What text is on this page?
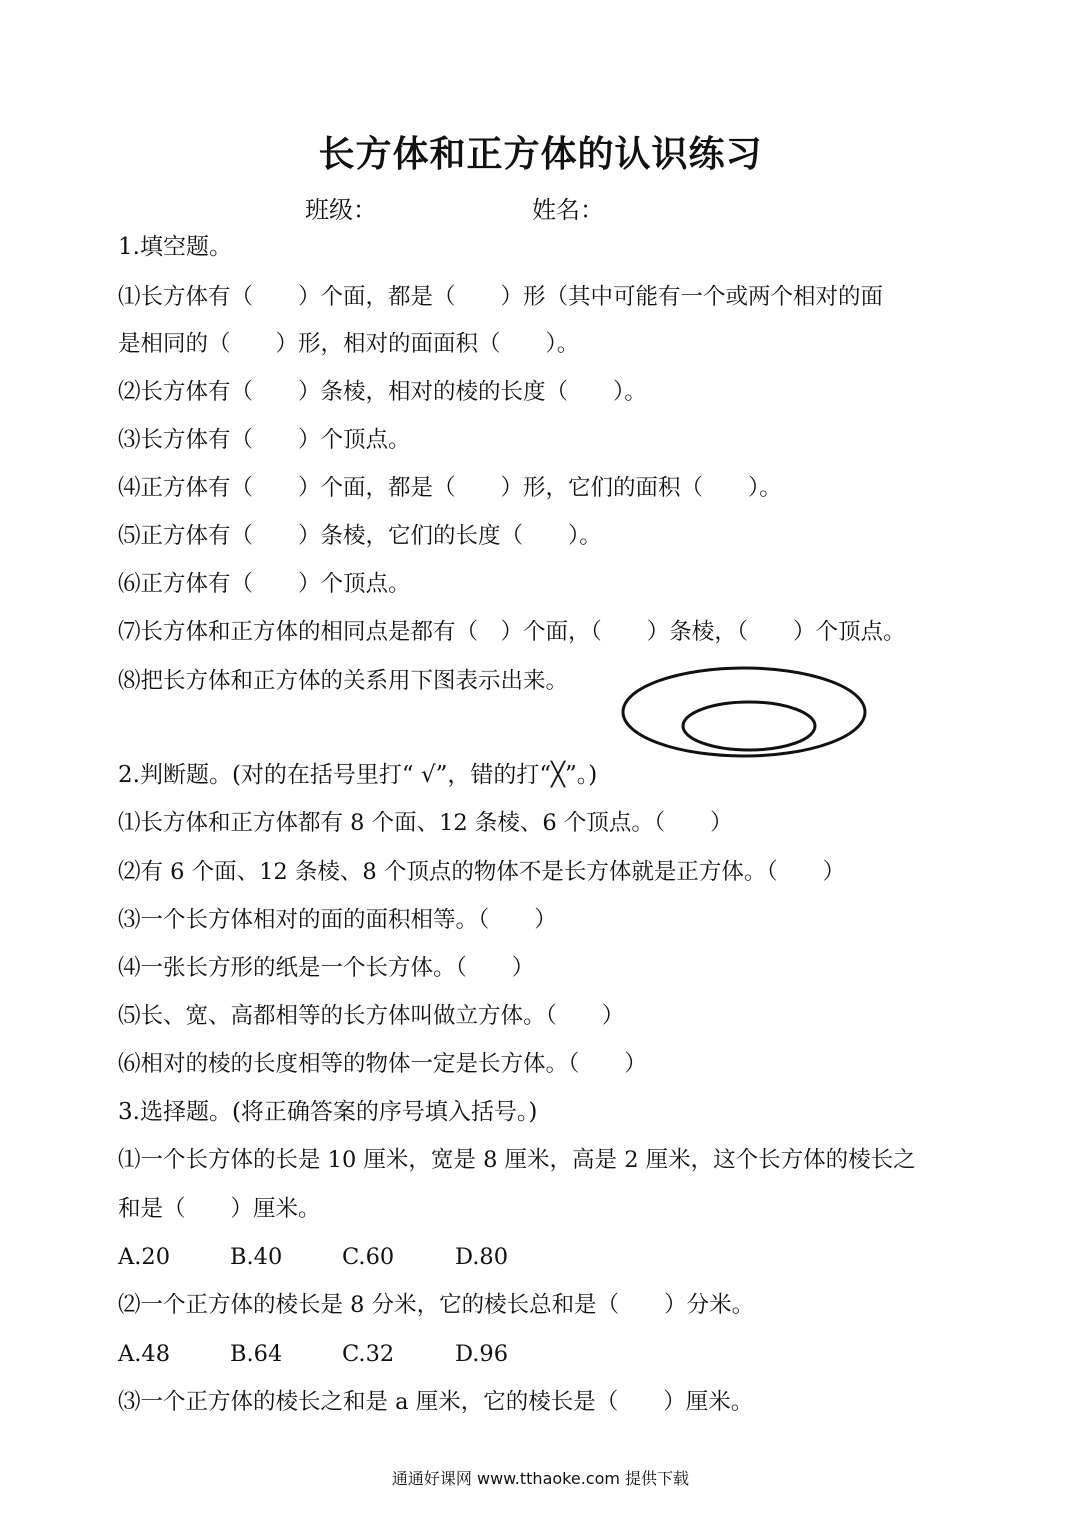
长方体和正方体的认识练习
班级：	姓名：
1.填空题。
⑴长方体有（　　）个面，都是（　　）形（其中可能有一个或两个相对的面
是相同的（　　）形，相对的面面积（　　）。
⑵长方体有（　　）条棱，相对的棱的长度（　　）。
⑶长方体有（　　）个顶点。
⑷正方体有（　　）个面，都是（　　）形，它们的面积（　　）。
⑸正方体有（　　）条棱，它们的长度（　　）。
⑹正方体有（　　）个顶点。
⑺长方体和正方体的相同点是都有（　）个面，（　　）条棱，（　　）个顶点。
⑻把长方体和正方体的关系用下图表示出来。
2.判断题。(对的在括号里打“ √”，错的打“╳”。)
⑴长方体和正方体都有 8 个面、12 条棱、6 个顶点。（　　）
⑵有 6 个面、12 条棱、8 个顶点的物体不是长方体就是正方体。（　　）
⑶一个长方体相对的面的面积相等。（　　）
⑷一张长方形的纸是一个长方体。（　　）
⑸长、宽、高都相等的长方体叫做立方体。（　　）
⑹相对的棱的长度相等的物体一定是长方体。（　　）
3.选择题。(将正确答案的序号填入括号。)
⑴一个长方体的长是 10 厘米，宽是 8 厘米，高是 2 厘米，这个长方体的棱长之
和是（　　）厘米。
A.20	B.40	C.60	D.80
⑵一个正方体的棱长是 8 分米，它的棱长总和是（　　）分米。
A.48	B.64	C.32	D.96
⑶一个正方体的棱长之和是 a 厘米，它的棱长是（　　）厘米。
通通好课网 www.tthaoke.com 提供下载
